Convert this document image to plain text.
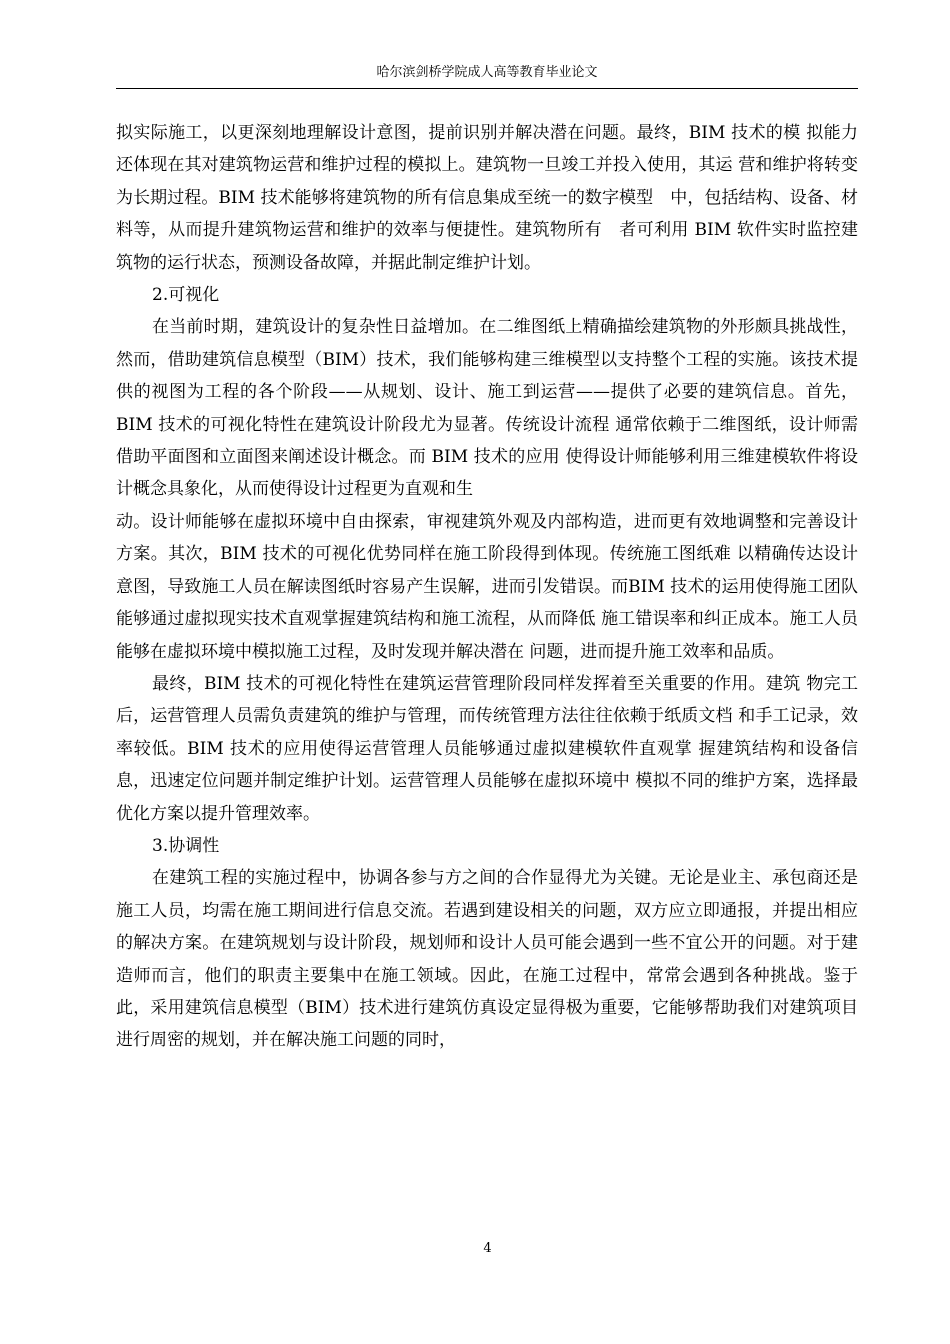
哈尔滨剑桥学院成人高等教育毕业论文

拟实际施工，以更深刻地理解设计意图，提前识别并解决潜在问题。最终，BIM 技术的模 拟能力还体现在其对建筑物运营和维护过程的模拟上。建筑物一旦竣工并投入使用，其运 营和维护将转变为长期过程。BIM 技术能够将建筑物的所有信息集成至统一的数字模型　中，包括结构、设备、材料等，从而提升建筑物运营和维护的效率与便捷性。建筑物所有　者可利用 BIM 软件实时监控建筑物的运行状态，预测设备故障，并据此制定维护计划。

2.可视化

在当前时期，建筑设计的复杂性日益增加。在二维图纸上精确描绘建筑物的外形颇具挑战性，然而，借助建筑信息模型（BIM）技术，我们能够构建三维模型以支持整个工程的实施。该技术提供的视图为工程的各个阶段——从规划、设计、施工到运营——提供了必要的建筑信息。首先，BIM 技术的可视化特性在建筑设计阶段尤为显著。传统设计流程 通常依赖于二维图纸，设计师需借助平面图和立面图来阐述设计概念。而 BIM 技术的应用 使得设计师能够利用三维建模软件将设计概念具象化，从而使得设计过程更为直观和生

动。设计师能够在虚拟环境中自由探索，审视建筑外观及内部构造，进而更有效地调整和完善设计方案。其次，BIM 技术的可视化优势同样在施工阶段得到体现。传统施工图纸难 以精确传达设计意图，导致施工人员在解读图纸时容易产生误解，进而引发错误。而BIM 技术的运用使得施工团队能够通过虚拟现实技术直观掌握建筑结构和施工流程，从而降低 施工错误率和纠正成本。施工人员能够在虚拟环境中模拟施工过程，及时发现并解决潜在 问题，进而提升施工效率和品质。

最终，BIM 技术的可视化特性在建筑运营管理阶段同样发挥着至关重要的作用。建筑 物完工后，运营管理人员需负责建筑的维护与管理，而传统管理方法往往依赖于纸质文档 和手工记录，效率较低。BIM 技术的应用使得运营管理人员能够通过虚拟建模软件直观掌 握建筑结构和设备信息，迅速定位问题并制定维护计划。运营管理人员能够在虚拟环境中 模拟不同的维护方案，选择最优化方案以提升管理效率。

3.协调性

在建筑工程的实施过程中，协调各参与方之间的合作显得尤为关键。无论是业主、承包商还是施工人员，均需在施工期间进行信息交流。若遇到建设相关的问题，双方应立即通报，并提出相应的解决方案。在建筑规划与设计阶段，规划师和设计人员可能会遇到一些不宜公开的问题。对于建造师而言，他们的职责主要集中在施工领域。因此，在施工过程中，常常会遇到各种挑战。鉴于此，采用建筑信息模型（BIM）技术进行建筑仿真设定显得极为重要，它能够帮助我们对建筑项目进行周密的规划，并在解决施工问题的同时，

4
